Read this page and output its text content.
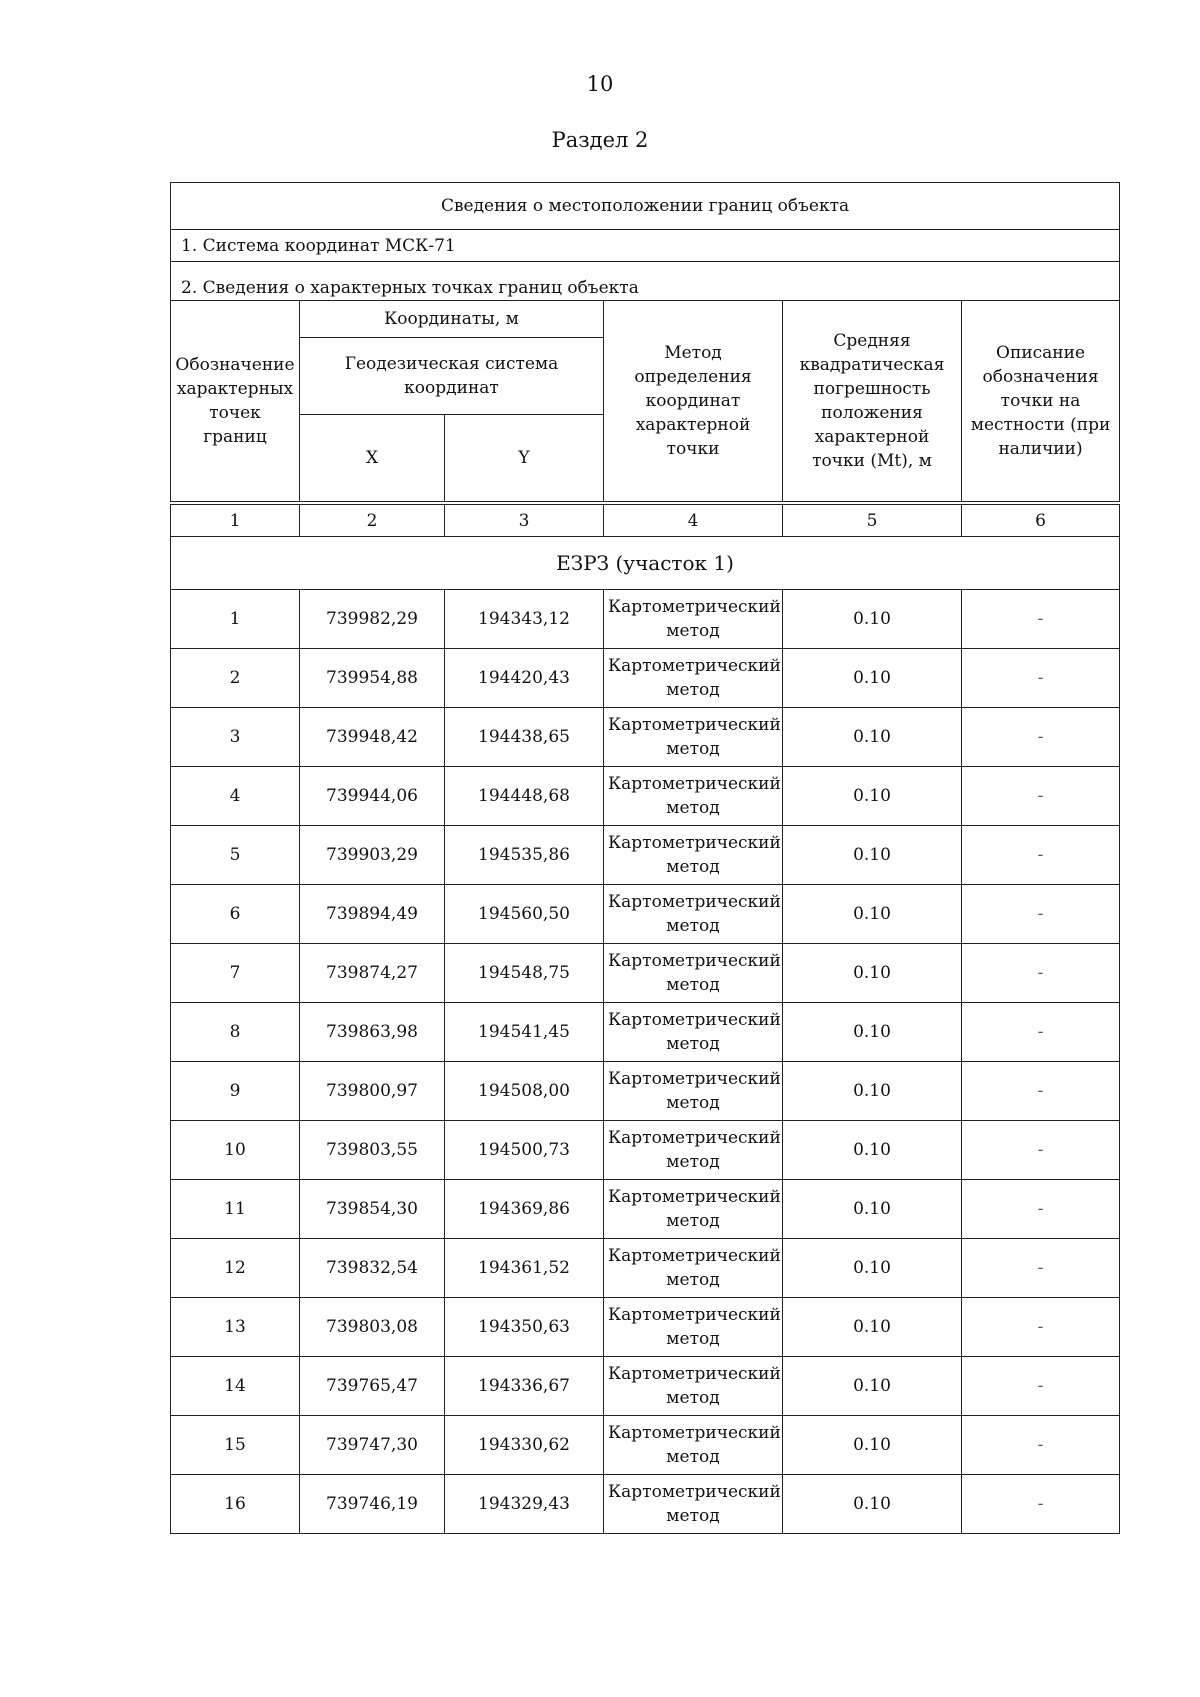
10
Раздел 2
Сведения о местоположении границ объекта					
1. Система координат МСК-71					
2. Сведения о характерных точках границ объекта					
Обозначение характерных точек границ	Координаты, м		Метод определения координат характерной точки	Средняя квадратическая погрешность положения характерной точки (Mt), м	Описание обозначения точки на местности (при наличии)
	Геодезическая система координат				
	X	Y			

1	2	3	4	5	6
ЕЗРЗ (участок 1)					
1	739982,29	194343,12	Картометрический метод	0.10	-
2	739954,88	194420,43	Картометрический метод	0.10	-
3	739948,42	194438,65	Картометрический метод	0.10	-
4	739944,06	194448,68	Картометрический метод	0.10	-
5	739903,29	194535,86	Картометрический метод	0.10	-
6	739894,49	194560,50	Картометрический метод	0.10	-
7	739874,27	194548,75	Картометрический метод	0.10	-
8	739863,98	194541,45	Картометрический метод	0.10	-
9	739800,97	194508,00	Картометрический метод	0.10	-
10	739803,55	194500,73	Картометрический метод	0.10	-
11	739854,30	194369,86	Картометрический метод	0.10	-
12	739832,54	194361,52	Картометрический метод	0.10	-
13	739803,08	194350,63	Картометрический метод	0.10	-
14	739765,47	194336,67	Картометрический метод	0.10	-
15	739747,30	194330,62	Картометрический метод	0.10	-
16	739746,19	194329,43	Картометрический метод	0.10	-
